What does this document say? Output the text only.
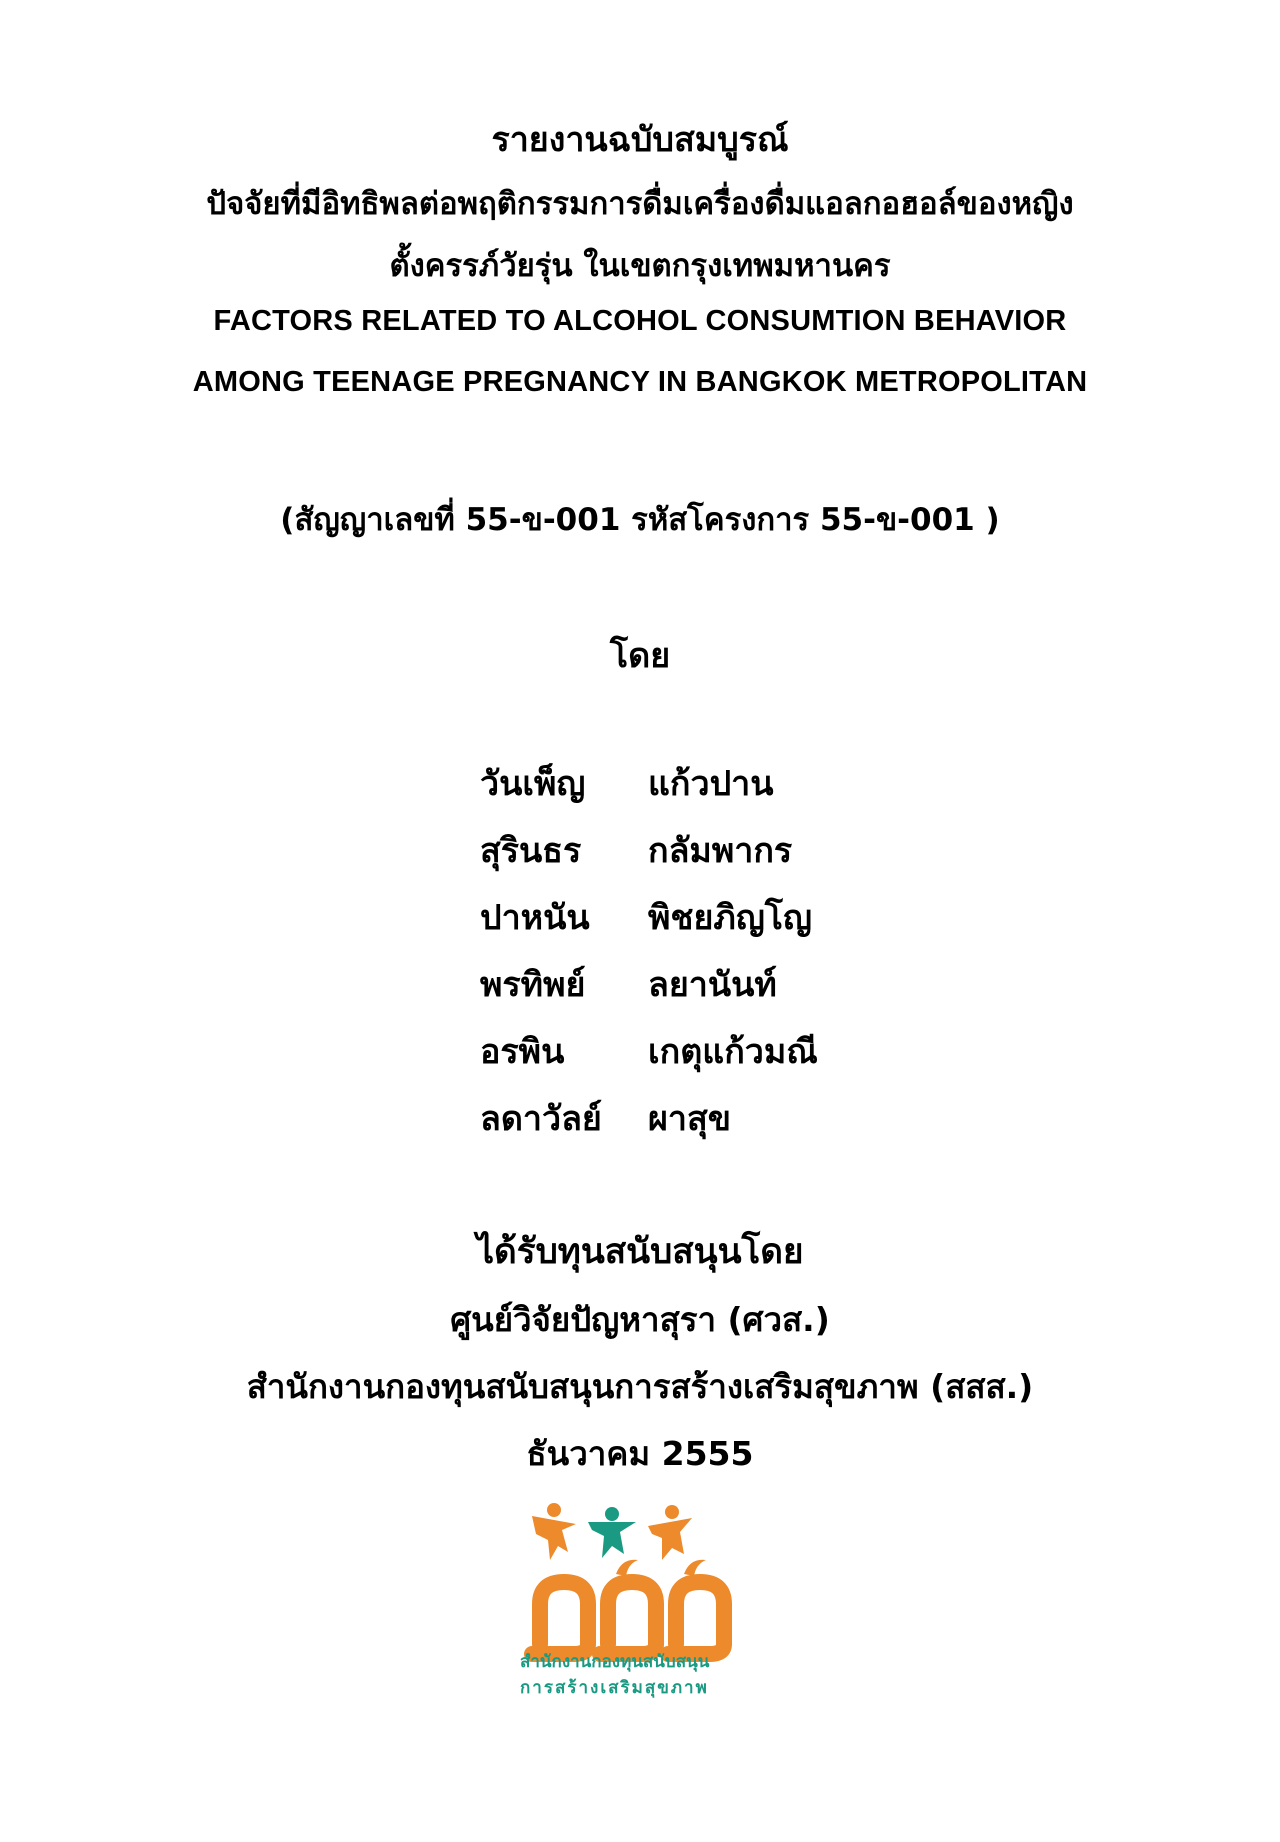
รายงานฉบับสมบูรณ์
ปัจจัยที่มีอิทธิพลต่อพฤติกรรมการดื่มเครื่องดื่มแอลกอฮอล์ของหญิง
ตั้งครรภ์วัยรุ่น ในเขตกรุงเทพมหานคร
FACTORS RELATED TO ALCOHOL CONSUMTION BEHAVIOR
AMONG TEENAGE PREGNANCY IN BANGKOK METROPOLITAN
(สัญญาเลขที่ 55-ข-001 รหัสโครงการ 55-ข-001 )
โดย
วันเพ็ญ แก้วปาน
สุรินธร กลัมพากร
ปาหนัน พิชยภิญโญ
พรทิพย์ ลยานันท์
อรพิน เกตุแก้วมณี
ลดาวัลย์ ผาสุข
ได้รับทุนสนับสนุนโดย
ศูนย์วิจัยปัญหาสุรา (ศวส.)
สำนักงานกองทุนสนับสนุนการสร้างเสริมสุขภาพ (สสส.)
ธันวาคม 2555
สำนักงานกองทุนสนับสนุน
การสร้างเสริมสุขภาพ
